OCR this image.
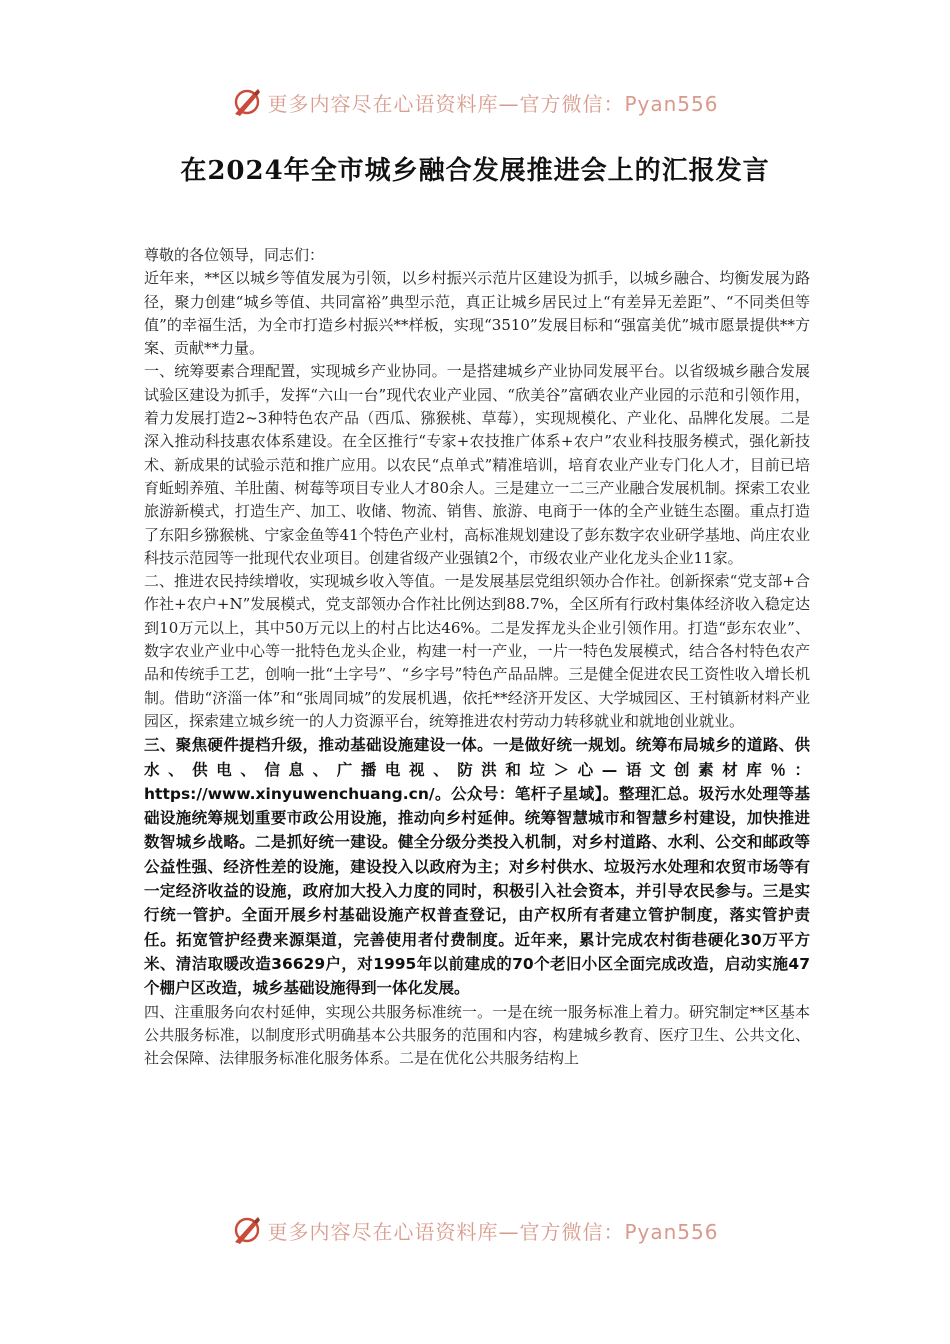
更多内容尽在心语资料库—官方微信：Pyan556
在2024年全市城乡融合发展推进会上的汇报发言

尊敬的各位领导，同志们：

近年来，**区以城乡等值发展为引领，以乡村振兴示范片区建设为抓手，以城乡融合、均衡发展为路径，聚力创建“城乡等值、共同富裕”典型示范，真正让城乡居民过上“有差异无差距”、“不同类但等值”的幸福生活，为全市打造乡村振兴**样板，实现“3510”发展目标和“强富美优”城市愿景提供**方案、贡献**力量。

一、统筹要素合理配置，实现城乡产业协同。一是搭建城乡产业协同发展平台。以省级城乡融合发展试验区建设为抓手，发挥“六山一台”现代农业产业园、“欣美谷”富硒农业产业园的示范和引领作用，着力发展打造2~3种特色农产品（西瓜、猕猴桃、草莓），实现规模化、产业化、品牌化发展。二是深入推动科技惠农体系建设。在全区推行“专家+农技推广体系+农户”农业科技服务模式，强化新技术、新成果的试验示范和推广应用。以农民“点单式”精准培训，培育农业产业专门化人才，目前已培育蚯蚓养殖、羊肚菌、树莓等项目专业人才80余人。三是建立一二三产业融合发展机制。探索工农业旅游新模式，打造生产、加工、收储、物流、销售、旅游、电商于一体的全产业链生态圈。重点打造了东阳乡猕猴桃、宁家金鱼等41个特色产业村，高标准规划建设了彭东数字农业研学基地、尚庄农业科技示范园等一批现代农业项目。创建省级产业强镇2个，市级农业产业化龙头企业11家。

二、推进农民持续增收，实现城乡收入等值。一是发展基层党组织领办合作社。创新探索“党支部+合作社+农户+N”发展模式，党支部领办合作社比例达到88.7%，全区所有行政村集体经济收入稳定达到10万元以上，其中50万元以上的村占比达46%。二是发挥龙头企业引领作用。打造“彭东农业”、数字农业产业中心等一批特色龙头企业，构建一村一产业，一片一特色发展模式，结合各村特色农产品和传统手工艺，创响一批“土字号”、“乡字号”特色产品品牌。三是健全促进农民工资性收入增长机制。借助“济淄一体”和“张周同城”的发展机遇，依托**经济开发区、大学城园区、王村镇新材料产业园区，探索建立城乡统一的人力资源平台，统筹推进农村劳动力转移就业和就地创业就业。

三、聚焦硬件提档升级，推动基础设施建设一体。一是做好统一规划。统筹布局城乡的道路、供水、供电、信息、广播电视、防洪和垃＞心—语文创素材库％：https://www.xinyuwenchuang.cn/。公众号：笔杆子星域】。整理汇总。圾污水处理等基础设施统筹规划重要市政公用设施，推动向乡村延伸。统筹智慧城市和智慧乡村建设，加快推进数智城乡战略。二是抓好统一建设。健全分级分类投入机制，对乡村道路、水利、公交和邮政等公益性强、经济性差的设施，建设投入以政府为主；对乡村供水、垃圾污水处理和农贸市场等有一定经济收益的设施，政府加大投入力度的同时，积极引入社会资本，并引导农民参与。三是实行统一管护。全面开展乡村基础设施产权普查登记，由产权所有者建立管护制度，落实管护责任。拓宽管护经费来源渠道，完善使用者付费制度。近年来，累计完成农村街巷硬化30万平方米、清洁取暖改造36629户，对1995年以前建成的70个老旧小区全面完成改造，启动实施47个棚户区改造，城乡基础设施得到一体化发展。

四、注重服务向农村延伸，实现公共服务标准统一。一是在统一服务标准上着力。研究制定**区基本公共服务标准，以制度形式明确基本公共服务的范围和内容，构建城乡教育、医疗卫生、公共文化、社会保障、法律服务标准化服务体系。二是在优化公共服务结构上

更多内容尽在心语资料库—官方微信：Pyan556
